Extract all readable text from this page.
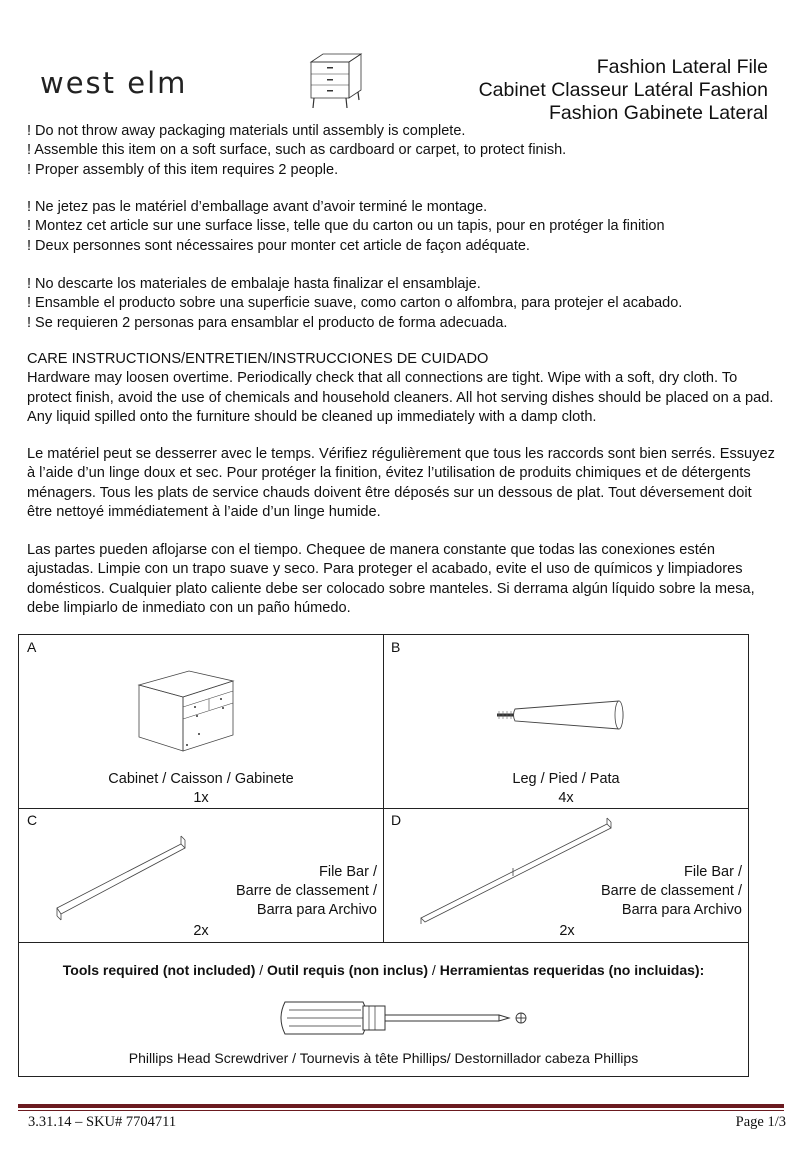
west elm	Fashion Lateral File
Cabinet Classeur Latéral Fashion
Fashion Gabinete Lateral

! Do not throw away packaging materials until assembly is complete.

! Assemble this item on a soft surface, such as cardboard or carpet, to protect finish.

! Proper assembly of this item requires 2 people.

! Ne jetez pas le matériel d’emballage avant d’avoir terminé le montage.

! Montez cet article sur une surface lisse, telle que du carton ou un tapis, pour en protéger la finition

! Deux personnes sont nécessaires pour monter cet article de façon adéquate.

! No descarte los materiales de embalaje hasta finalizar el ensamblaje.

! Ensamble el producto sobre una superficie suave, como carton o alfombra, para protejer el acabado.

! Se requieren 2 personas para ensamblar el producto de forma adecuada.

CARE INSTRUCTIONS/ENTRETIEN/INSTRUCCIONES DE CUIDADO

Hardware may loosen overtime. Periodically check that all connections are tight. Wipe with a soft, dry cloth. To protect finish, avoid the use of chemicals and household cleaners. All hot serving dishes should be placed on a pad. Any liquid spilled onto the furniture should be cleaned up immediately with a damp cloth.

Le matériel peut se desserrer avec le temps. Vérifiez régulièrement que tous les raccords sont bien serrés. Essuyez à l’aide d’un linge doux et sec. Pour protéger la finition, évitez l’utilisation de produits chimiques et de détergents ménagers. Tous les plats de service chauds doivent être déposés sur un dessous de plat. Tout déversement doit être nettoyé immédiatement à l’aide d’un linge humide.
Las partes pueden aflojarse con el tiempo. Chequee de manera constante que todas las conexiones estén ajustadas. Limpie con un trapo suave y seco. Para proteger el acabado, evite el uso de químicos y limpiadores domésticos. Cualquier plato caliente debe ser colocado sobre manteles. Si derrama algún líquido sobre la mesa, debe limpiarlo de inmediato con un paño húmedo.
A
Cabinet / Caisson / Gabinete
1x
B
Leg / Pied / Pata
4x
C
File Bar /
Barre de classement /
Barra para Archivo
2x
D
File Bar /
Barre de classement /
Barra para Archivo
2x
Tools required (not included) / Outil requis (non inclus) / Herramientas requeridas (no incluidas):
Phillips Head Screwdriver / Tournevis à tête Phillips/ Destornillador cabeza Phillips
3.31.14 – SKU# 7704711	Page 1/3
